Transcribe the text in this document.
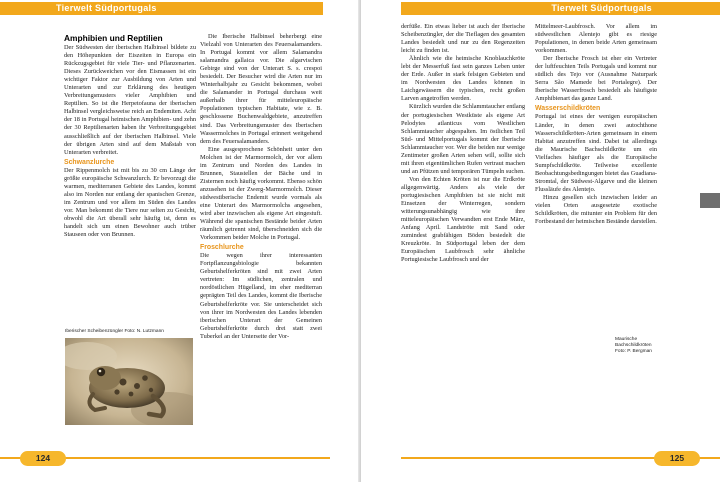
Tierwelt Südportugals
Amphibien und Reptilien

Der Südwesten der iberischen Halbinsel bildete zu den Höhepunkten der Eiszeiten in Europa ein Rückzugsgebiet für viele Tier- und Pflanzenarten. Dieses Zurückweichen vor den Eismassen ist ein wichtiger Faktor zur Ausbildung von Arten und Unterarten und zur Erklärung des heutigen Verbreitungsmusters vieler Amphibien und Reptilien. So ist die Herpetofauna der iberischen Halbinsel vergleichsweise reich an Endemiten. Acht der 18 in Portugal heimischen Amphibien- und zehn der 30 Reptilienarten haben ihr Verbreitungsgebiet ausschließlich auf der iberischen Halbinsel. Viele der übrigen Arten sind auf dem Maßstab von Unterarten verbreitet.

Schwanzlurche

Der Rippenmolch ist mit bis zu 30 cm Länge der größte europäische Schwanzlurch. Er bevorzugt die warmen, mediterranen Gebiete des Landes, kommt also im Norden nur entlang der spanischen Grenze, im Zentrum und vor allem im Süden des Landes vor. Man bekommt die Tiere nur selten zu Gesicht, obwohl die Art überall sehr häufig ist, denn es handelt sich um einen Bewohner auch trüber Stauseen oder von Brunnen.

Iberischer Scheibenzüngler Foto: N. Lutzmann

Die Iberische Halbinsel beherbergt eine Vielzahl von Unterarten des Feuersalamanders. In Portugal kommt vor allem Salamandra salamandra gallaica vor. Die algarvischen Gebirge sind von der Unterart S. s. crespoi besiedelt. Der Besucher wird die Arten nur im Winterhalbjahr zu Gesicht bekommen, wobei die Salamander in Portugal durchaus weit außerhalb ihrer für mitteleuropäische Populationen typischen Habitate, wie z. B. geschlossene Buchenwaldgebiete, anzutreffen sind. Das Verbreitungsmuster des Iberischen Wassermolches in Portugal erinnert weitgehend dem des Feuersalamanders.

Eine ausgesprochene Schönheit unter den Molchen ist der Marmormolch, der vor allem im Zentrum und Norden des Landes in Brunnen, Staustellen der Bäche und in Zisternen noch häufig vorkommt. Ebenso schön anzusehen ist der Zwerg-Marmormolch. Dieser südwestiberische Endemit wurde vormals als eine Unterart des Marmormolchs angesehen, wird aber inzwischen als eigene Art eingestuft. Während die spanischen Bestände beider Arten räumlich getrennt sind, überschneiden sich die Vorkommen beider Molche in Portugal.

Froschlurche

Die wegen ihrer interessanten Fortpflanzungsbiologie bekannten Geburtshelferkröten sind mit zwei Arten vertreten: Im südlichen, zentralen und nordöstlichen Hügelland, im eher mediterran geprägten Teil des Landes, kommt die Iberische Geburtshelferkröte vor. Sie unterscheidet sich von ihrer im Nordwesten des Landes lebenden iberischen Unterart der Gemeinen Geburtshelferkröte durch drei statt zwei Tuberkel an der Unterseite der Vor-

124
Tierwelt Südportugals

derfüße. Ein etwas lieber ist auch der Iberische Scheibenzüngler, der die Tieflagen des gesamten Landes besiedelt und nur zu den Regenzeiten leicht zu finden ist.

Ähnlich wie die heimische Knoblauchkröte lebt der Messerfuß fast sein ganzes Leben unter der Erde. Außer in stark felsigen Gebieten und im Nordwesten des Landes können in Laichgewässern die typischen, recht großen Larven angetroffen werden.

Kürzlich wurden die Schlammtaucher entlang der portugiesischen Westküste als eigene Art Pelodytes atlanticus vom Westlichen Schlammtaucher abgespalten. Im östlichen Teil Süd- und Mittelportugals kommt der Iberische Schlammtaucher vor. Wer die beiden nur wenige Zentimeter großen Arten sehen will, sollte sich mit ihren eigentümlichen Rufen vertraut machen und an Pfützen und temporären Tümpeln suchen.

Von den Echten Kröten ist nur die Erdkröte allgegenwärtig. Anders als viele der portugiesischen Amphibien ist sie nicht mit Einsetzen der Winterregen, sondern witterungsunabhängig wie ihre mitteleuropäischen Verwandten erst Ende März, Anfang April. Landströte mit Sand oder zumindest grabfähigen Böden besiedelt die Kreuzkröte. In Südportugal leben der dem Europäischen Laubfrosch sehr ähnliche Portugiesische Laubfrosch und der

Mittelmeer-Laubfrosch. Vor allem im südwestlichen Alentejo gibt es riesige Populationen, in denen beide Arten gemeinsam vorkommen.

Der Iberische Frosch ist eher ein Vertreter der luftfeuchten Teils Portugals und kommt nur südlich des Tejo vor (Ausnahme Naturpark Serra São Mamede bei Portalegre). Der Iberische Wasserfrosch besiedelt als häufigste Amphibienart das ganze Land.

Wasserschildkröten

Portugal ist eines der wenigen europäischen Länder, in denen zwei autochthone Wasserschildkröten-Arten gemeinsam in einem Habitat anzutreffen sind. Dabei ist allerdings die Maurische Bachschildkröte um ein Vielfaches häufiger als die Europäische Sumpfschildkröte. Teilweise exzellente Beobachtungsbedingungen bietet das Guadiana-Stromtal, der Südwest-Algarve und die kleinen Flussläufe des Alentejo.

Hinzu gesellen sich inzwischen leider an vielen Orten ausgesetzte exotische Schildkröten, die mitunter ein Problem für den Fortbestand der heimischen Bestände darstellen.

Maurische Bachschildkröten
Foto: P. Bergman
125
